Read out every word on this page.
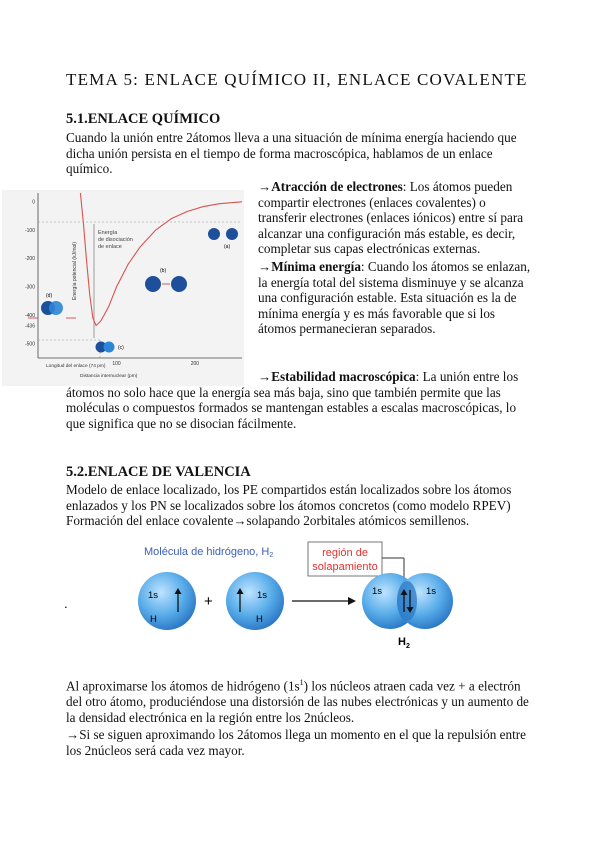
TEMA 5: ENLACE QUÍMICO II, ENLACE COVALENTE
5.1.ENLACE QUÍMICO
Cuando la unión entre 2átomos lleva a una situación de mínima energía haciendo que dicha unión persista en el tiempo de forma macroscópica, hablamos de un enlace químico.
0
-100
-200
-300
-400
-436
-500
100	200
Energía
de disociación
de enlace
Energía potencial (kJ/mol)
Longitud del enlace (74 pm)
Distancia internuclear (pm)
(d)
(c)
(b)
(a)
→Atracción de electrones: Los átomos pueden compartir electrones (enlaces covalentes) o transferir electrones (enlaces iónicos) entre sí para alcanzar una configuración más estable, es decir, completar sus capas electrónicas externas.
→Mínima energía: Cuando los átomos se enlazan, la energía total del sistema disminuye y se alcanza una configuración estable. Esta situación es la de mínima energía y es más favorable que si los átomos permanecieran separados.
→Estabilidad macroscópica: La unión entre los átomos no solo hace que la energía sea más baja, sino que también permite que las moléculas o compuestos formados se mantengan estables a escalas macroscópicas, lo que significa que no se disocian fácilmente.
5.2.ENLACE DE VALENCIA
Modelo de enlace localizado, los PE compartidos están localizados sobre los átomos
enlazados y los PN se localizados sobre los átomos concretos (como modelo RPEV)
Formación del enlace covalente→solapando 2orbitales atómicos semillenos.
Molécula de hidrógeno, H2	región de
solapamiento
.
1s
H
+	1s
H
1s	1s
$H_2$
Al aproximarse los átomos de hidrógeno $(1s^1)$ los núcleos atraen cada vez + a electrón del otro átomo, produciéndose una distorsión de las nubes electrónicas y un aumento de la densidad electrónica en la región entre los 2núcleos.
→Si se siguen aproximando los 2átomos llega un momento en el que la repulsión entre los 2núcleos será cada vez mayor.
